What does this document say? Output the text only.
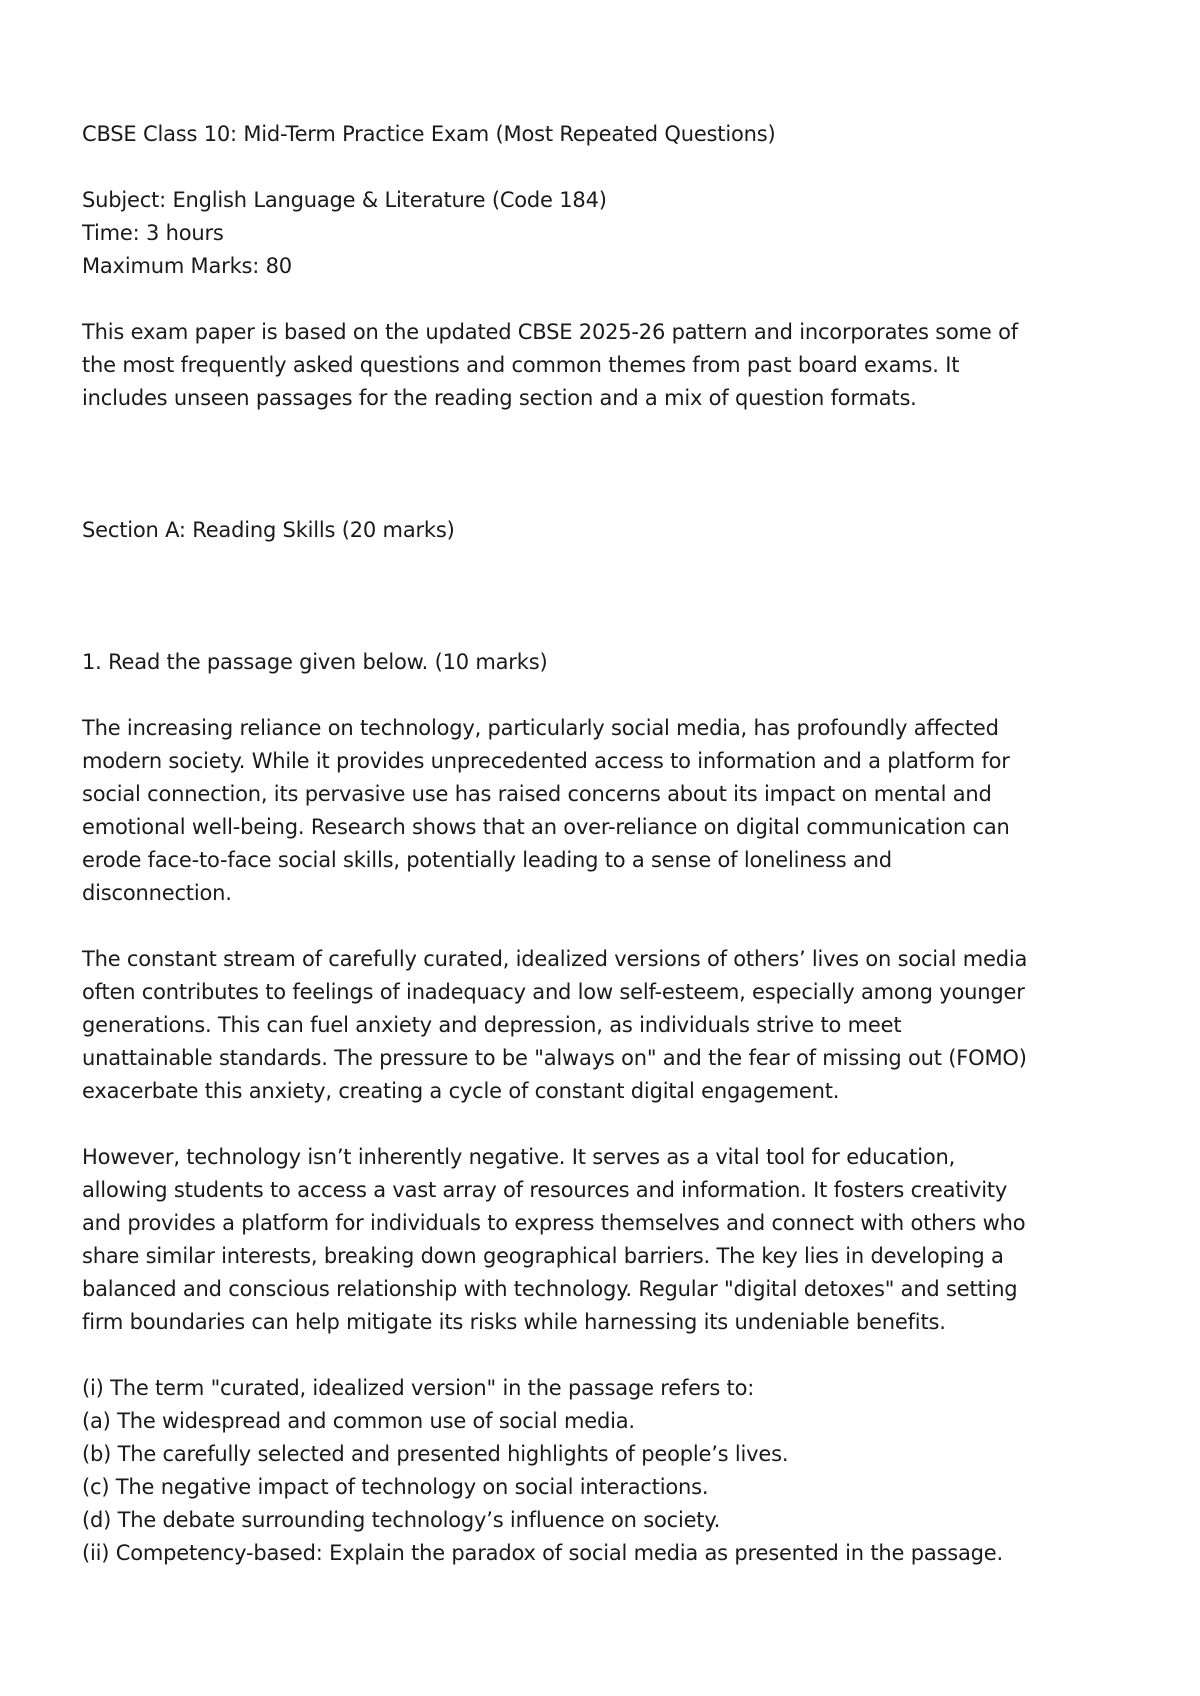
CBSE Class 10: Mid-Term Practice Exam (Most Repeated Questions)
Subject: English Language & Literature (Code 184)
Time: 3 hours
Maximum Marks: 80
This exam paper is based on the updated CBSE 2025-26 pattern and incorporates some of
the most frequently asked questions and common themes from past board exams. It
includes unseen passages for the reading section and a mix of question formats.
Section A: Reading Skills (20 marks)
1. Read the passage given below. (10 marks)
The increasing reliance on technology, particularly social media, has profoundly affected
modern society. While it provides unprecedented access to information and a platform for
social connection, its pervasive use has raised concerns about its impact on mental and
emotional well-being. Research shows that an over-reliance on digital communication can
erode face-to-face social skills, potentially leading to a sense of loneliness and
disconnection.
The constant stream of carefully curated, idealized versions of others’ lives on social media
often contributes to feelings of inadequacy and low self-esteem, especially among younger
generations. This can fuel anxiety and depression, as individuals strive to meet
unattainable standards. The pressure to be "always on" and the fear of missing out (FOMO)
exacerbate this anxiety, creating a cycle of constant digital engagement.
However, technology isn’t inherently negative. It serves as a vital tool for education,
allowing students to access a vast array of resources and information. It fosters creativity
and provides a platform for individuals to express themselves and connect with others who
share similar interests, breaking down geographical barriers. The key lies in developing a
balanced and conscious relationship with technology. Regular "digital detoxes" and setting
firm boundaries can help mitigate its risks while harnessing its undeniable benefits.
(i) The term "curated, idealized version" in the passage refers to:
(a) The widespread and common use of social media.
(b) The carefully selected and presented highlights of people’s lives.
(c) The negative impact of technology on social interactions.
(d) The debate surrounding technology’s influence on society.
(ii) Competency-based: Explain the paradox of social media as presented in the passage.
